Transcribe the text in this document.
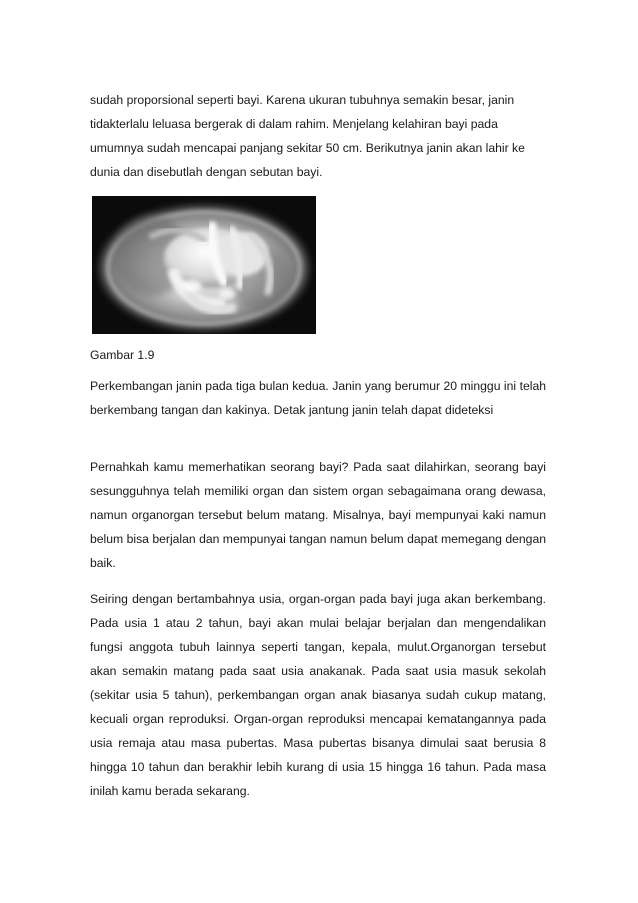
sudah proporsional seperti bayi. Karena ukuran tubuhnya semakin besar, janin tidakterlalu leluasa bergerak di dalam rahim. Menjelang kelahiran bayi pada umumnya sudah mencapai panjang sekitar 50 cm. Berikutnya janin akan lahir ke dunia dan disebutlah dengan sebutan bayi.

Gambar 1.9

Perkembangan janin pada tiga bulan kedua. Janin yang berumur 20 minggu ini telah berkembang tangan dan kakinya. Detak jantung janin telah dapat dideteksi

Pernahkah kamu memerhatikan seorang bayi? Pada saat dilahirkan, seorang bayi sesungguhnya telah memiliki organ dan sistem organ sebagaimana orang dewasa, namun organorgan tersebut belum matang. Misalnya, bayi mempunyai kaki namun belum bisa berjalan dan mempunyai tangan namun belum dapat memegang dengan baik.

Seiring dengan bertambahnya usia, organ-organ pada bayi juga akan berkembang. Pada usia 1 atau 2 tahun, bayi akan mulai belajar berjalan dan mengendalikan fungsi anggota tubuh lainnya seperti tangan, kepala, mulut.Organorgan tersebut akan semakin matang pada saat usia anakanak. Pada saat usia masuk sekolah (sekitar usia 5 tahun), perkembangan organ anak biasanya sudah cukup matang, kecuali organ reproduksi. Organ-organ reproduksi mencapai kematangannya pada usia remaja atau masa pubertas. Masa pubertas bisanya dimulai saat berusia 8 hingga 10 tahun dan berakhir lebih kurang di usia 15 hingga 16 tahun. Pada masa inilah kamu berada sekarang.
